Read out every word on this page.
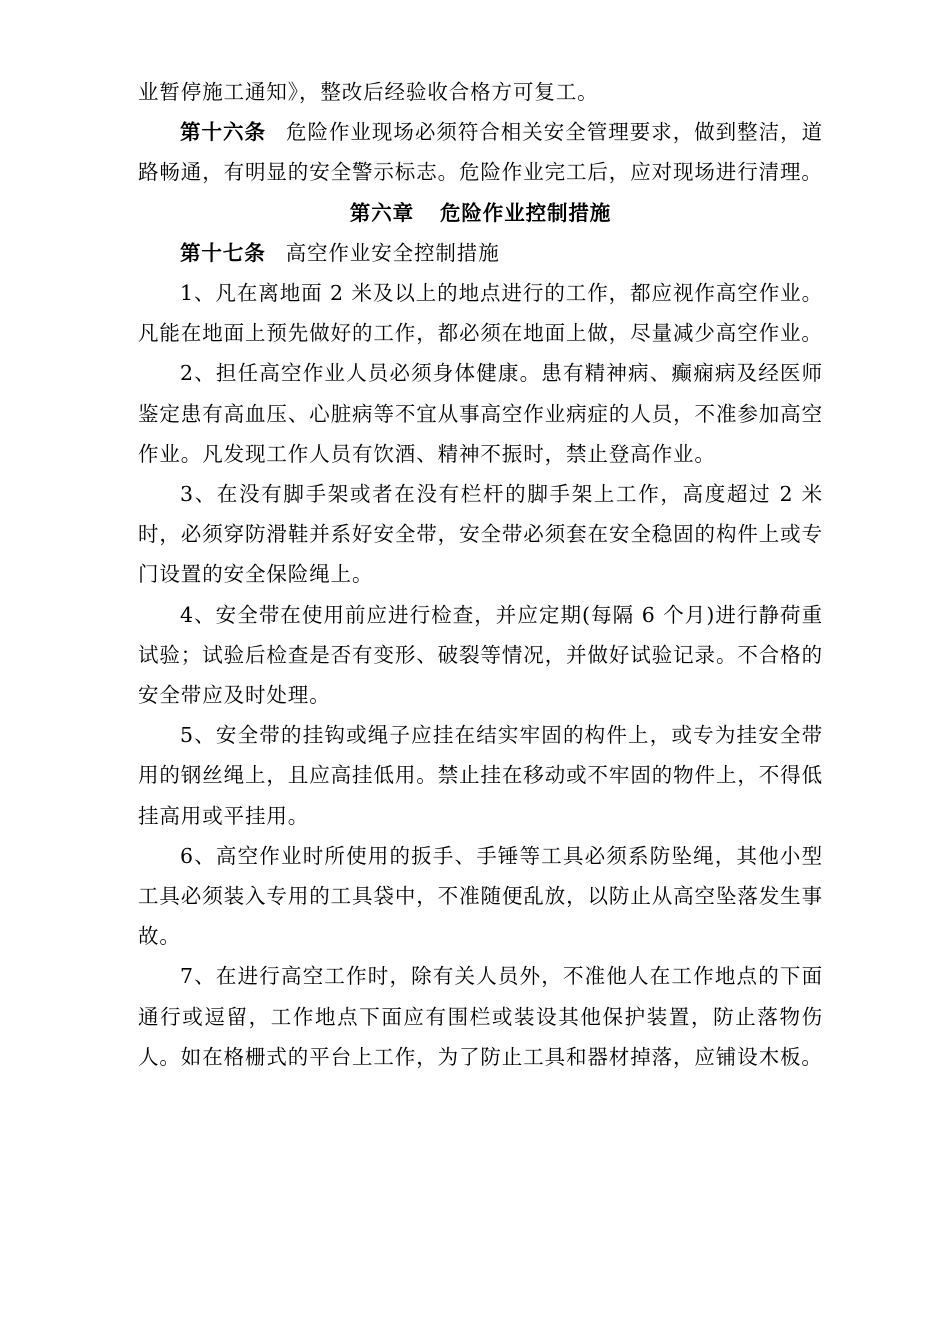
业暂停施工通知》，整改后经验收合格方可复工。

第十六条 危险作业现场必须符合相关安全管理要求，做到整洁，道路畅通，有明显的安全警示标志。危险作业完工后，应对现场进行清理。

第六章 危险作业控制措施

第十七条 高空作业安全控制措施

1、凡在离地面 2 米及以上的地点进行的工作，都应视作高空作业。凡能在地面上预先做好的工作，都必须在地面上做，尽量减少高空作业。

2、担任高空作业人员必须身体健康。患有精神病、癫痫病及经医师鉴定患有高血压、心脏病等不宜从事高空作业病症的人员，不准参加高空作业。凡发现工作人员有饮酒、精神不振时，禁止登高作业。

3、在没有脚手架或者在没有栏杆的脚手架上工作，高度超过 2 米时，必须穿防滑鞋并系好安全带，安全带必须套在安全稳固的构件上或专门设置的安全保险绳上。

4、安全带在使用前应进行检查，并应定期(每隔 6 个月)进行静荷重试验；试验后检查是否有变形、破裂等情况，并做好试验记录。不合格的安全带应及时处理。

5、安全带的挂钩或绳子应挂在结实牢固的构件上，或专为挂安全带用的钢丝绳上，且应高挂低用。禁止挂在移动或不牢固的物件上，不得低挂高用或平挂用。

6、高空作业时所使用的扳手、手锤等工具必须系防坠绳，其他小型工具必须装入专用的工具袋中，不准随便乱放，以防止从高空坠落发生事故。

7、在进行高空工作时，除有关人员外，不准他人在工作地点的下面通行或逗留，工作地点下面应有围栏或装设其他保护装置，防止落物伤人。如在格栅式的平台上工作，为了防止工具和器材掉落，应铺设木板。
